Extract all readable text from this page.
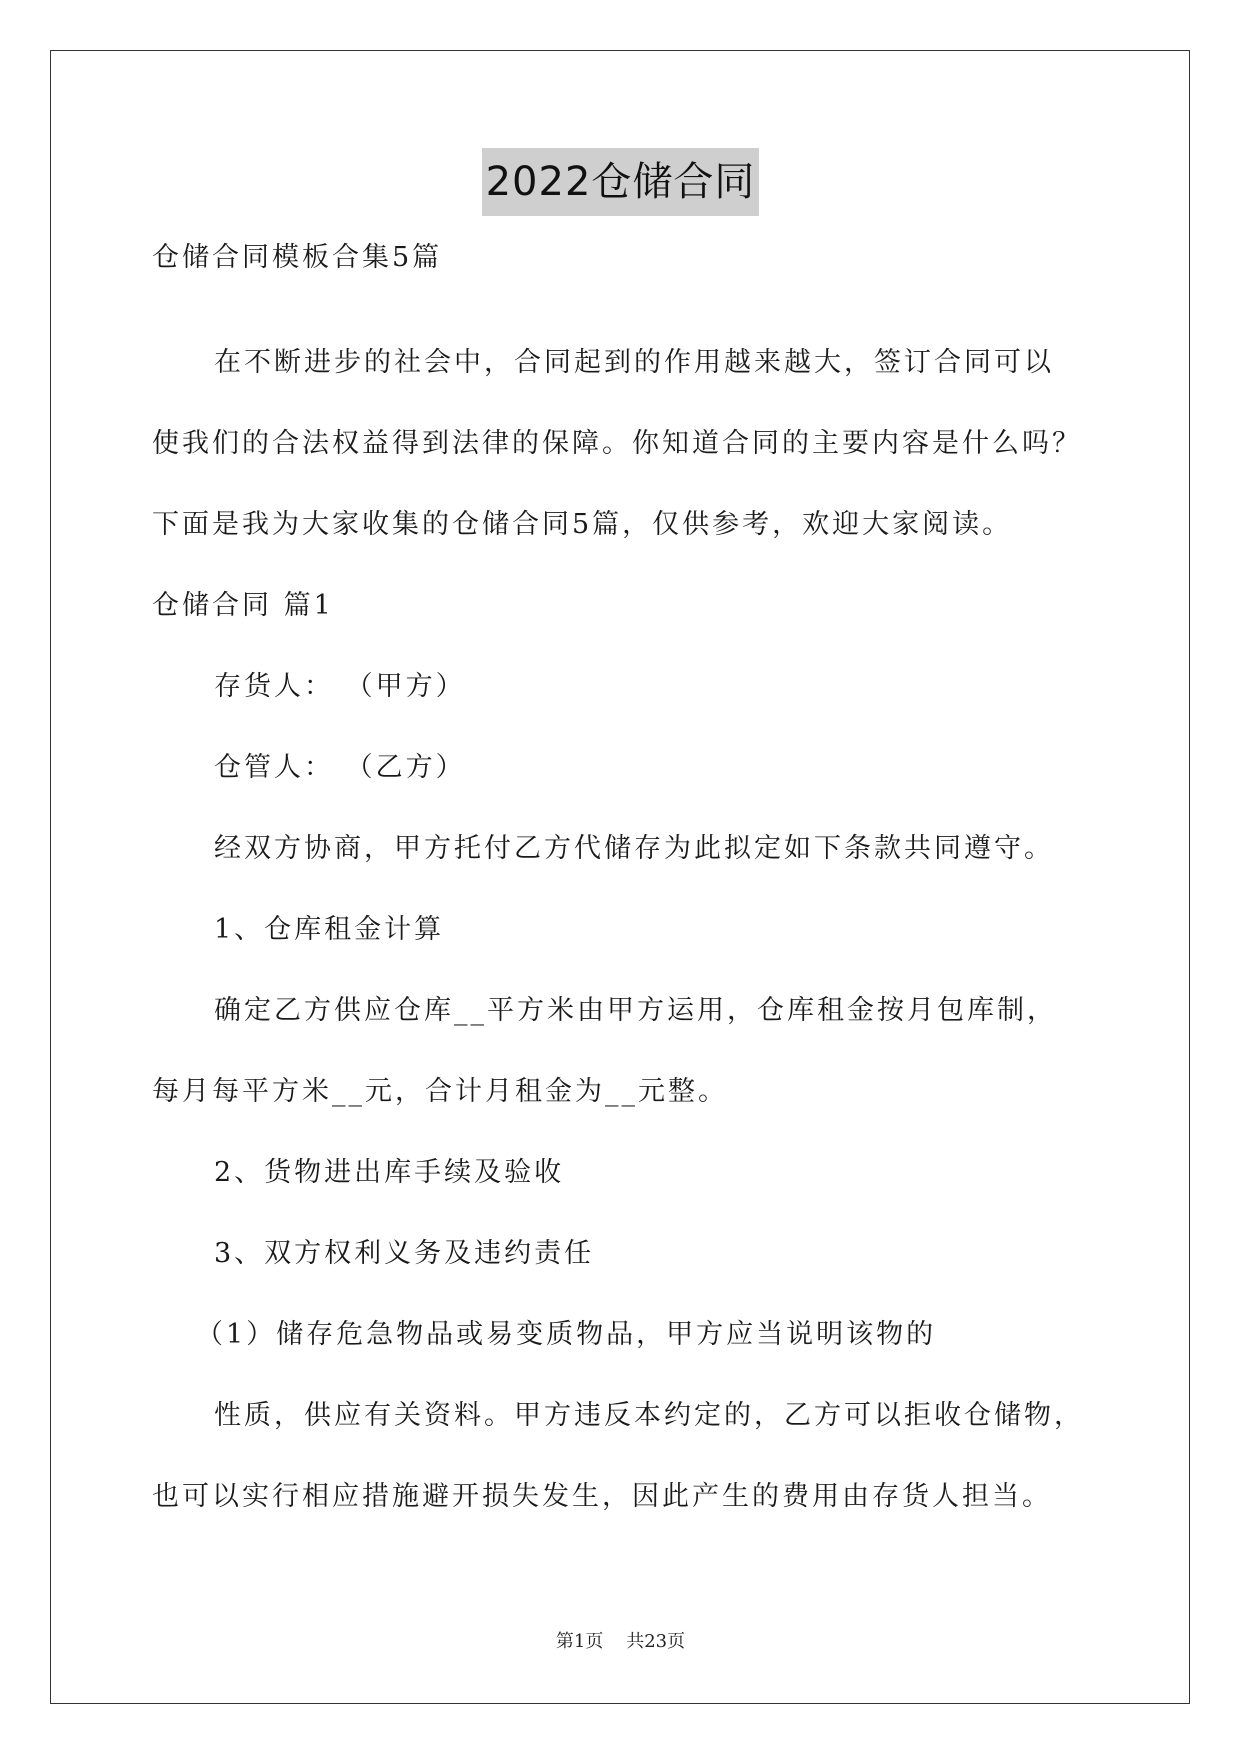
2022仓储合同
仓储合同模板合集5篇
在不断进步的社会中，合同起到的作用越来越大，签订合同可以
使我们的合法权益得到法律的保障。你知道合同的主要内容是什么吗？
下面是我为大家收集的仓储合同5篇，仅供参考，欢迎大家阅读。
仓储合同 篇1
存货人： （甲方）
仓管人： （乙方）
经双方协商，甲方托付乙方代储存为此拟定如下条款共同遵守。
1、仓库租金计算
确定乙方供应仓库__平方米由甲方运用，仓库租金按月包库制，
每月每平方米__元，合计月租金为__元整。
2、货物进出库手续及验收
3、双方权利义务及违约责任
（1）储存危急物品或易变质物品，甲方应当说明该物的
性质，供应有关资料。甲方违反本约定的，乙方可以拒收仓储物，
也可以实行相应措施避开损失发生，因此产生的费用由存货人担当。
第1页 共23页
